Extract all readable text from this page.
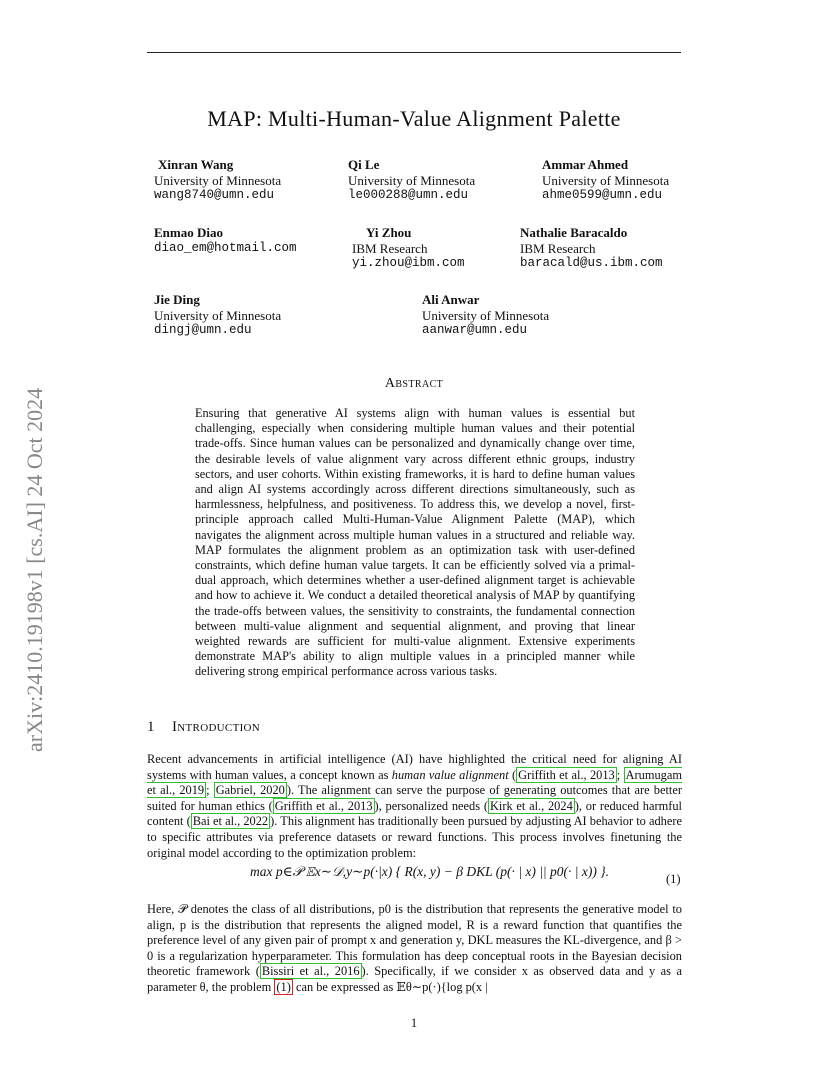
arXiv:2410.19198v1 [cs.AI] 24 Oct 2024
MAP: Multi-Human-Value Alignment Palette
Xinran Wang
University of Minnesota
wang8740@umn.edu
Qi Le
University of Minnesota
le000288@umn.edu
Ammar Ahmed
University of Minnesota
ahme0599@umn.edu
Enmao Diao
diao_em@hotmail.com
Yi Zhou
IBM Research
yi.zhou@ibm.com
Nathalie Baracaldo
IBM Research
baracald@us.ibm.com
Jie Ding
University of Minnesota
dingj@umn.edu
Ali Anwar
University of Minnesota
aanwar@umn.edu
Abstract
Ensuring that generative AI systems align with human values is essential but challenging, especially when considering multiple human values and their potential trade-offs. Since human values can be personalized and dynamically change over time, the desirable levels of value alignment vary across different ethnic groups, industry sectors, and user cohorts. Within existing frameworks, it is hard to define human values and align AI systems accordingly across different directions simultaneously, such as harmlessness, helpfulness, and positiveness. To address this, we develop a novel, first-principle approach called Multi-Human-Value Alignment Palette (MAP), which navigates the alignment across multiple human values in a structured and reliable way. MAP formulates the alignment problem as an optimization task with user-defined constraints, which define human value targets. It can be efficiently solved via a primal-dual approach, which determines whether a user-defined alignment target is achievable and how to achieve it. We conduct a detailed theoretical analysis of MAP by quantifying the trade-offs between values, the sensitivity to constraints, the fundamental connection between multi-value alignment and sequential alignment, and proving that linear weighted rewards are sufficient for multi-value alignment. Extensive experiments demonstrate MAP's ability to align multiple values in a principled manner while delivering strong empirical performance across various tasks.
1 Introduction
Recent advancements in artificial intelligence (AI) have highlighted the critical need for aligning AI systems with human values, a concept known as human value alignment ( Griffith et al., 2013 ; Arumugam et al., 2019 ; Gabriel, 2020 ). The alignment can serve the purpose of generating outcomes that are better suited for human ethics ( Griffith et al., 2013 ), personalized needs ( Kirk et al., 2024 ), or reduced harmful content ( Bai et al., 2022 ). This alignment has traditionally been pursued by adjusting AI behavior to adhere to specific attributes via preference datasets or reward functions. This process involves finetuning the original model according to the optimization problem:
max p∈𝒫 𝔼x∼𝒟,y∼p(·|x) { R(x, y) − β DKL (p(· | x) || p0(· | x)) }.	(1)
Here, 𝒫 denotes the class of all distributions, p0 is the distribution that represents the generative model to align, p is the distribution that represents the aligned model, R is a reward function that quantifies the preference level of any given pair of prompt x and generation y, DKL measures the KL-divergence, and β > 0 is a regularization hyperparameter. This formulation has deep conceptual roots in the Bayesian decision theoretic framework ( Bissiri et al., 2016 ). Specifically, if we consider x as observed data and y as a parameter θ, the problem (1) can be expressed as 𝔼θ∼p(·){log p(x |
1
